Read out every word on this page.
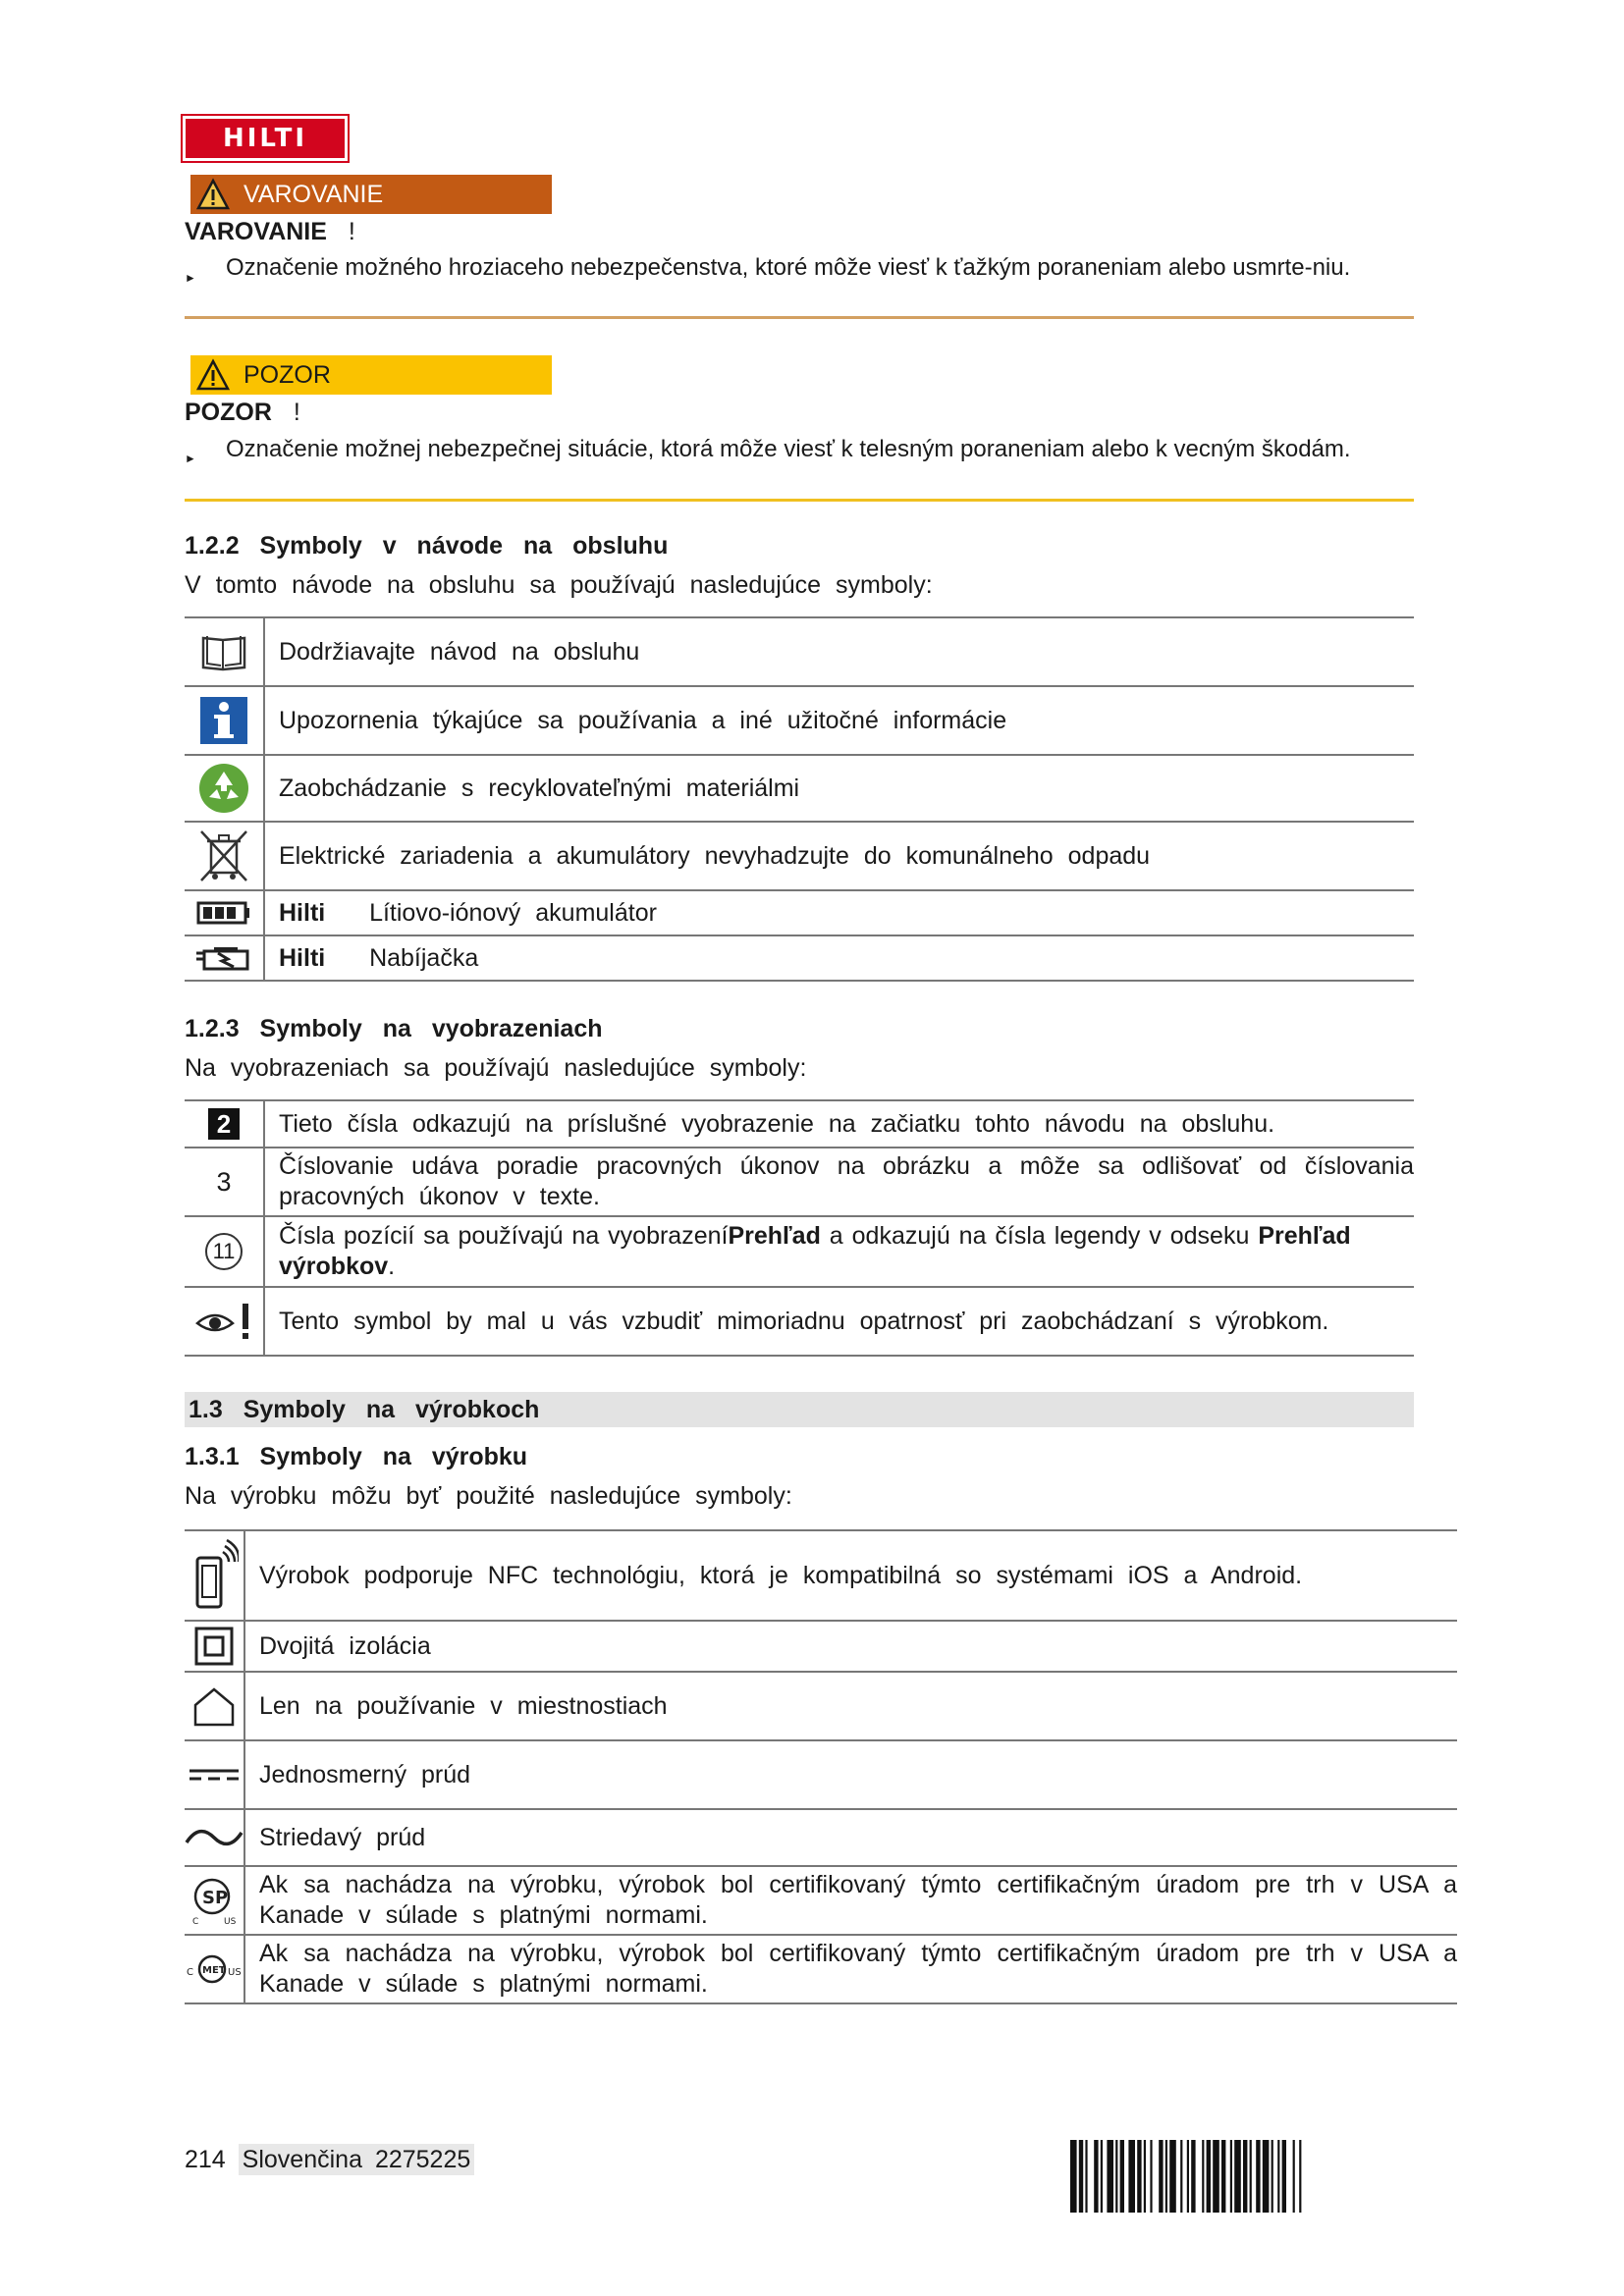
HILTI
VAROVANIE
VAROVANIE !
► Označenie možného hroziaceho nebezpečenstva, ktoré môže viesť k ťažkým poraneniam alebo usmrte-niu.
POZOR
POZOR !
► Označenie možnej nebezpečnej situácie, ktorá môže viesť k telesným poraneniam alebo k vecným škodám.
1.2.2 Symboly v návode na obsluhu
V tomto návode na obsluhu sa používajú nasledujúce symboly:
	Dodržiavajte návod na obsluhu

	Upozornenia týkajúce sa používania a iné užitočné informácie

	Zaobchádzanie s recyklovateľnými materiálmi

	Elektrické zariadenia a akumulátory nevyhadzujte do komunálneho odpadu

	Hilti Lítiovo-iónový akumulátor

	Hilti Nabíjačka
1.2.3 Symboly na vyobrazeniach
Na vyobrazeniach sa používajú nasledujúce symboly:
2	Tieto čísla odkazujú na príslušné vyobrazenie na začiatku tohto návodu na obsluhu.
3	Číslovanie udáva poradie pracovných úkonov na obrázku a môže sa odlišovať od číslovania pracovných úkonov v texte.
11	Čísla pozícií sa používajú na vyobrazeníPrehľad a odkazujú na čísla legendy v odseku Prehľad výrobkov.

	Tento symbol by mal u vás vzbudiť mimoriadnu opatrnosť pri zaobchádzaní s výrobkom.
1.3 Symboly na výrobkoch
1.3.1 Symboly na výrobku
Na výrobku môžu byť použité nasledujúce symboly:
	Výrobok podporuje NFC technológiu, ktorá je kompatibilná so systémami iOS a Android.

	Dvojitá izolácia

	Len na používanie v miestnostiach

	Jednosmerný prúd

	Striedavý prúd

SP
C US	Ak sa nachádza na výrobku, výrobok bol certifikovaný týmto certifikačným úradom pre trh v USA a Kanade v súlade s platnými normami.

C MET US	Ak sa nachádza na výrobku, výrobok bol certifikovaný týmto certifikačným úradom pre trh v USA a Kanade v súlade s platnými normami.
214 Slovenčina 2275225
